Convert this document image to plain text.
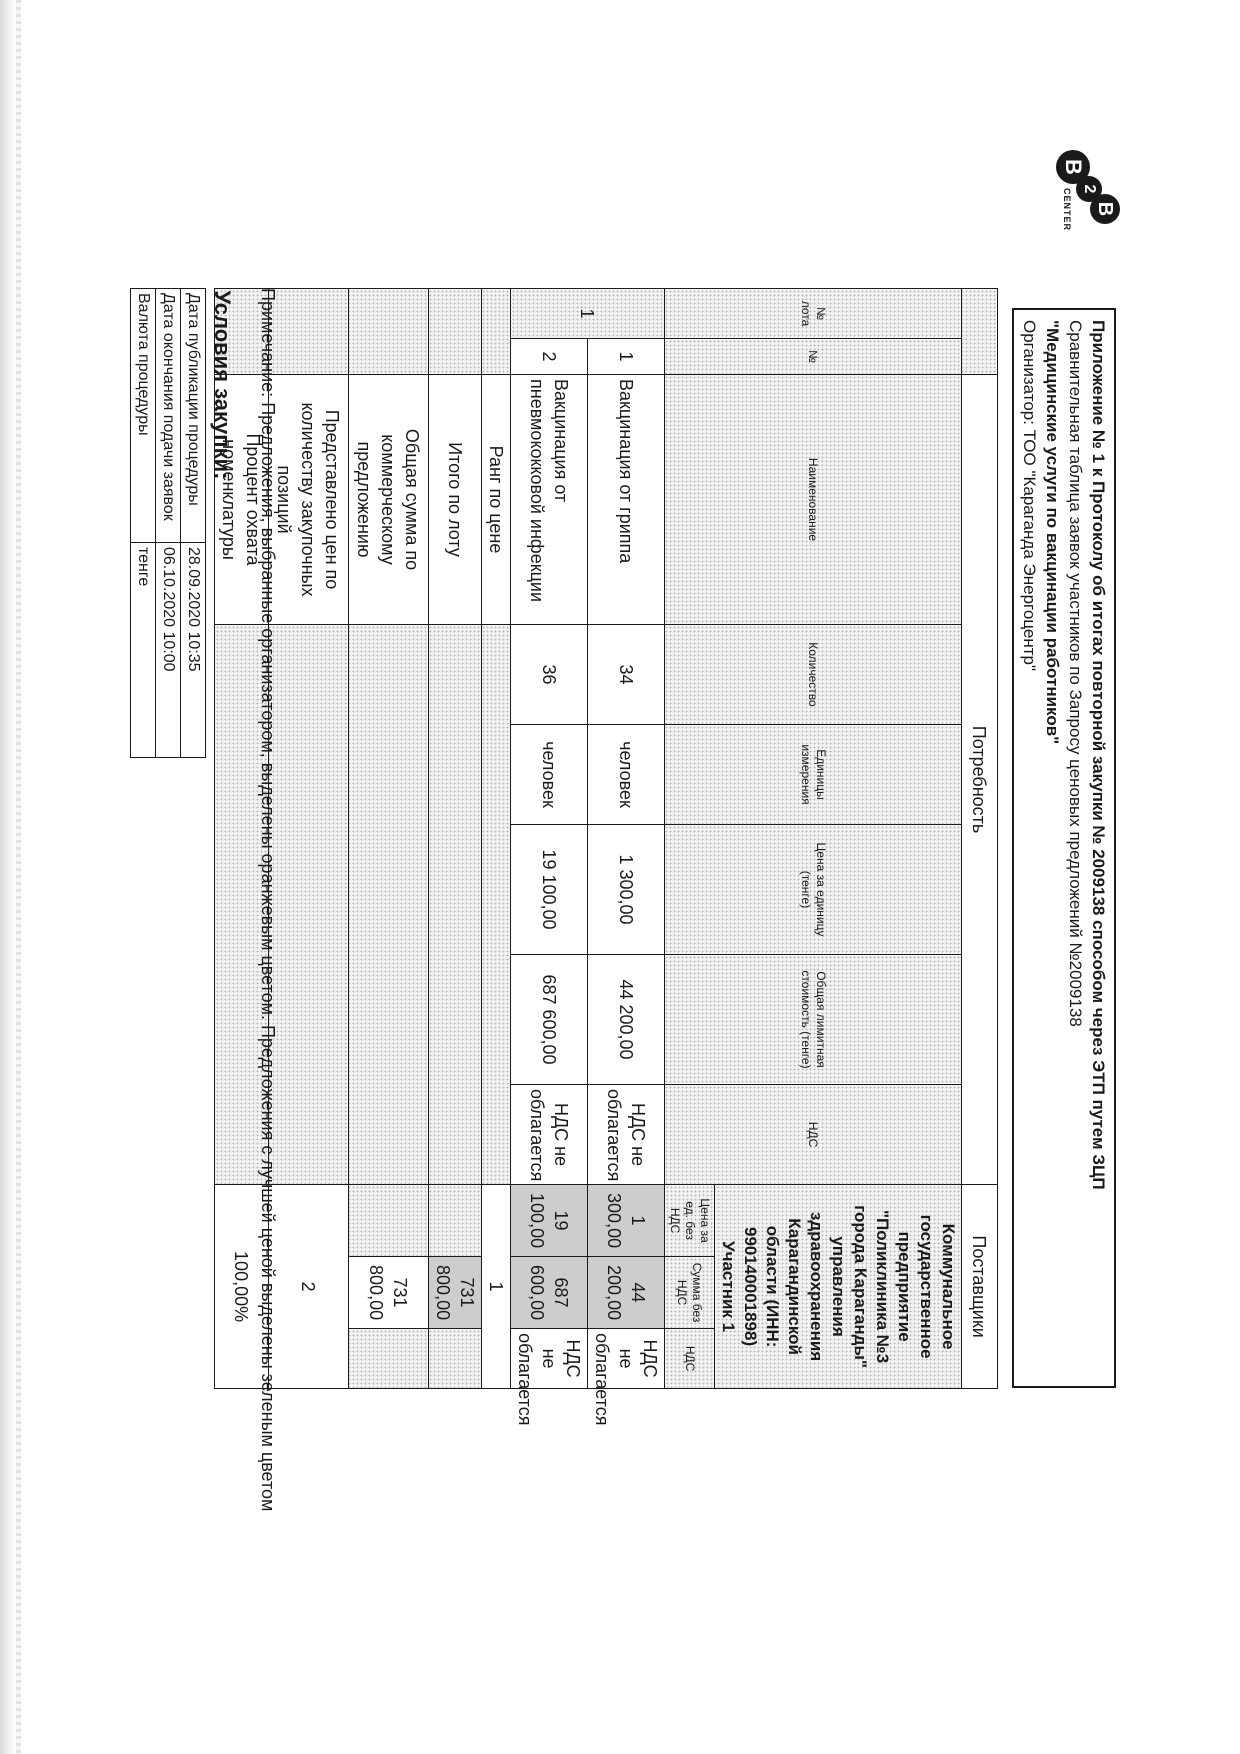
B
2
B
CENTER
Приложение № 1 к Протоколу об итогах повторной закупки № 2009138 способом через ЭТП путем ЗЦП
Сравнительная таблица заявок участников по Запросу ценовых предложений №2009138
"Медицинские услуги по вакцинации работников"
Организатор: ТОО "Караганда Энергоцентр"
		Потребность						Поставщики		
№ лота	№	Наименование	Количество	Единицы измерения	Цена за единицу (тенге)	Общая лимитная стоимость (тенге)	НДС	Коммунальное государственное предприятие "Поликлиника №3 города Караганды" управления здравоохранения Карагандинской области (ИНН: 990140001898)
Участник 1		

								Цена за ед. без НДС	Сумма без НДС	НДС
1	1	Вакцинация от гриппа	34	человек	1 300,00	44 200,00	НДС не облагается	1 300,00	44 200,00	НДС не облагается
	2	Вакцинация от пневмококковой инфекции	36	человек	19 100,00	687 600,00	НДС не облагается	19 100,00	687 600,00	НДС не облагается
		Ранг по цене						1		
		Итого по лоту							731 800,00	
		Общая сумма по коммерческому предложению							731 800,00	
		Представлено цен по количеству закупочных позиций						2		
		Процент охвата номенклатуры						100,00%		Примечание: Предложения, выбранные организатором, выделены оранжевым цветом. Предложения с лучшей ценой выделены зеленым цветом
Условия закупки:	
Дата публикации процедуры	28.09.2020 10:35
Дата окончания подачи заявок	06.10.2020 10:00
Валюта процедуры	тенге
